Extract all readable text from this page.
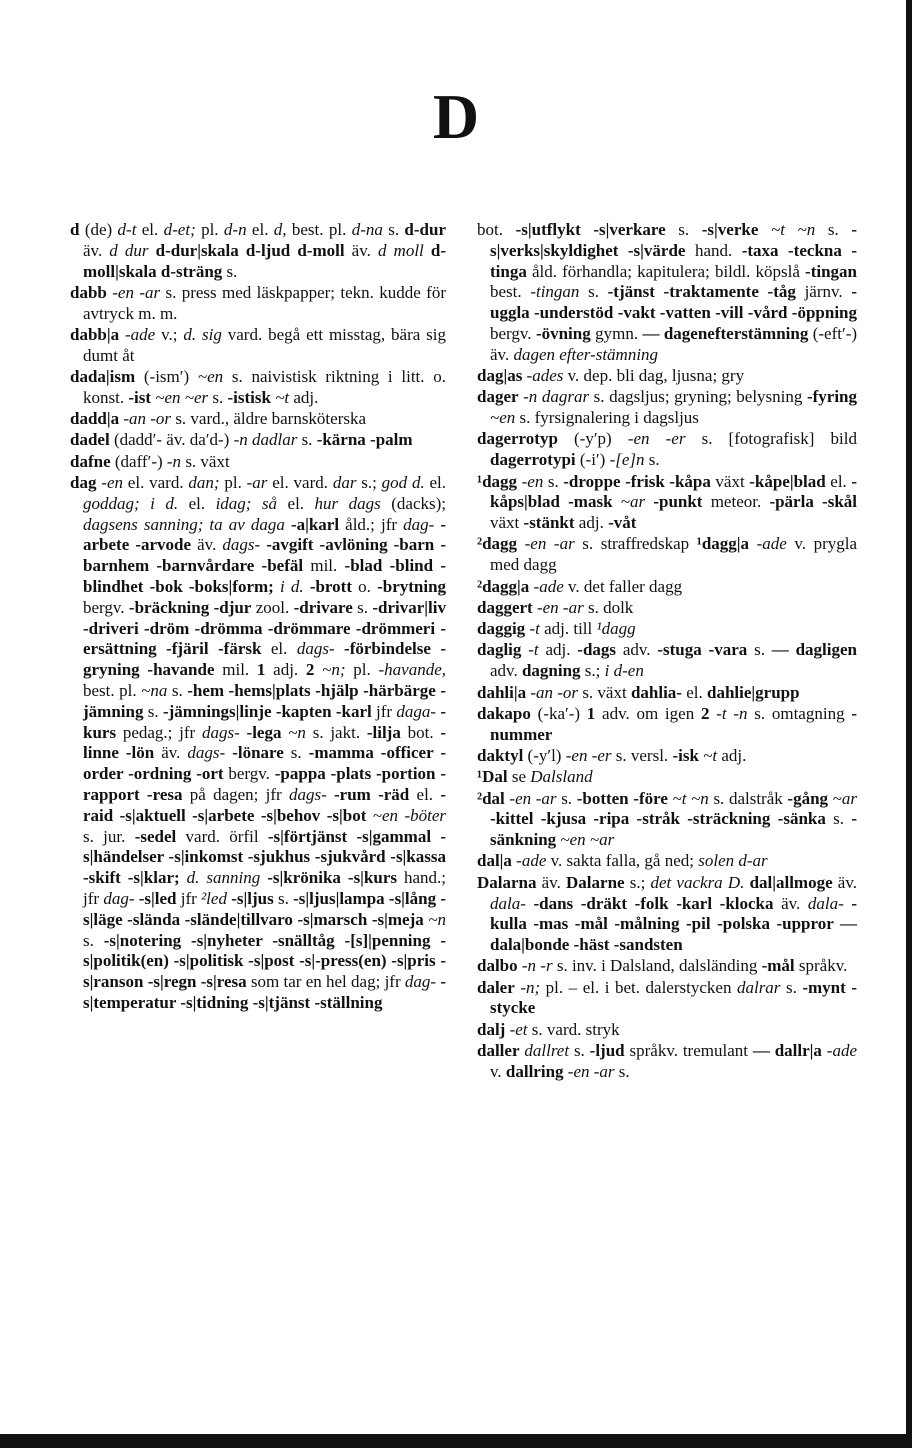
D

d (de) d-t el. d-et; pl. d-n el. d, best. pl. d-na s. d-dur äv. d dur d-dur|skala d-ljud d-moll äv. d moll d-moll|skala d-sträng s.

dabb -en -ar s. press med läskpapper; tekn. kudde för avtryck m. m.

dabb|a -ade v.; d. sig vard. begå ett misstag, bära sig dumt åt

dada|ism (-ism′) ~en s. naivistisk riktning i litt. o. konst. -ist ~en ~er s. -istisk ~t adj.

dadd|a -an -or s. vard., äldre barnsköterska

dadel (dadd′- äv. da′d-) -n dadlar s. -kärna -palm

dafne (daff′-) -n s. växt

dag -en el. vard. dan; pl. -ar el. vard. dar s.; god d. el. goddag; i d. el. idag; så el. hur dags (dacks); dagsens sanning; ta av daga -a|karl åld.; jfr dag- -arbete -arvode äv. dags- -avgift -avlöning -barn -barnhem -barnvårdare -befäl mil. -blad -blind -blindhet -bok -boks|form; i d. -brott o. -brytning bergv. -bräckning -djur zool. -drivare s. -drivar|liv -driveri -dröm -drömma -drömmare -drömmeri -ersättning -fjäril -färsk el. dags- -förbindelse -gryning -havande mil. 1 adj. 2 ~n; pl. -havande, best. pl. ~na s. -hem -hems|plats -hjälp -härbärge -jämning s. -jämnings|linje -kapten -karl jfr daga- -kurs pedag.; jfr dags- -lega ~n s. jakt. -lilja bot. -linne -lön äv. dags- -lönare s. -mamma -officer -order -ordning -ort bergv. -pappa -plats -portion -rapport -resa på dagen; jfr dags- -rum -räd el. -raid -s|aktuell -s|arbete -s|behov -s|bot ~en -böter s. jur. -sedel vard. örfil -s|förtjänst -s|gammal -s|händelser -s|inkomst -sjukhus -sjukvård -s|kassa -skift -s|klar; d. sanning -s|krönika -s|kurs hand.; jfr dag- -s|led jfr ²led -s|ljus s. -s|ljus|lampa -s|lång -s|läge -slända -slände|tillvaro -s|marsch -s|meja ~n s. -s|notering -s|nyheter -snälltåg -[s]|penning -s|politik(en) -s|politisk -s|post -s|-press(en) -s|pris -s|ranson -s|regn -s|resa som tar en hel dag; jfr dag- -s|temperatur -s|tidning -s|tjänst -ställning

bot. -s|utflykt -s|verkare s. -s|verke ~t ~n s. -s|verks|skyldighet -s|värde hand. -taxa -teckna -tinga åld. förhandla; kapitulera; bildl. köpslå -tingan best. -tingan s. -tjänst -traktamente -tåg järnv. -uggla -understöd -vakt -vatten -vill -vård -öppning bergv. -övning gymn. — dagenefterstämning (-eft′-) äv. dagen efter-stämning

dag|as -ades v. dep. bli dag, ljusna; gry

dager -n dagrar s. dagsljus; gryning; belysning -fyring ~en s. fyrsignalering i dagsljus

dagerrotyp (-y′p) -en -er s. [fotografisk] bild dagerrotypi (-i′) -[e]n s.

¹dagg -en s. -droppe -frisk -kåpa växt -kåpe|blad el. -kåps|blad -mask ~ar -punkt meteor. -pärla -skål växt -stänkt adj. -våt

²dagg -en -ar s. straffredskap ¹dagg|a -ade v. prygla med dagg

²dagg|a -ade v. det faller dagg

daggert -en -ar s. dolk

daggig -t adj. till ¹dagg

daglig -t adj. -dags adv. -stuga -vara s. — dagligen adv. dagning s.; i d-en

dahli|a -an -or s. växt dahlia- el. dahlie|grupp

dakapo (-ka′-) 1 adv. om igen 2 -t -n s. omtagning -nummer

daktyl (-y′l) -en -er s. versl. -isk ~t adj.

¹Dal se Dalsland

²dal -en -ar s. -botten -före ~t ~n s. dalstråk -gång ~ar -kittel -kjusa -ripa -stråk -sträckning -sänka s. -sänkning ~en ~ar

dal|a -ade v. sakta falla, gå ned; solen d-ar

Dalarna äv. Dalarne s.; det vackra D. dal|allmoge äv. dala- -dans -dräkt -folk -karl -klocka äv. dala- -kulla -mas -mål -målning -pil -polska -uppror — dala|bonde -häst -sandsten

dalbo -n -r s. inv. i Dalsland, dalsländing -mål språkv.

daler -n; pl. – el. i bet. dalerstycken dalrar s. -mynt -stycke

dalj -et s. vard. stryk

daller dallret s. -ljud språkv. tremulant — dallr|a -ade v. dallring -en -ar s.
